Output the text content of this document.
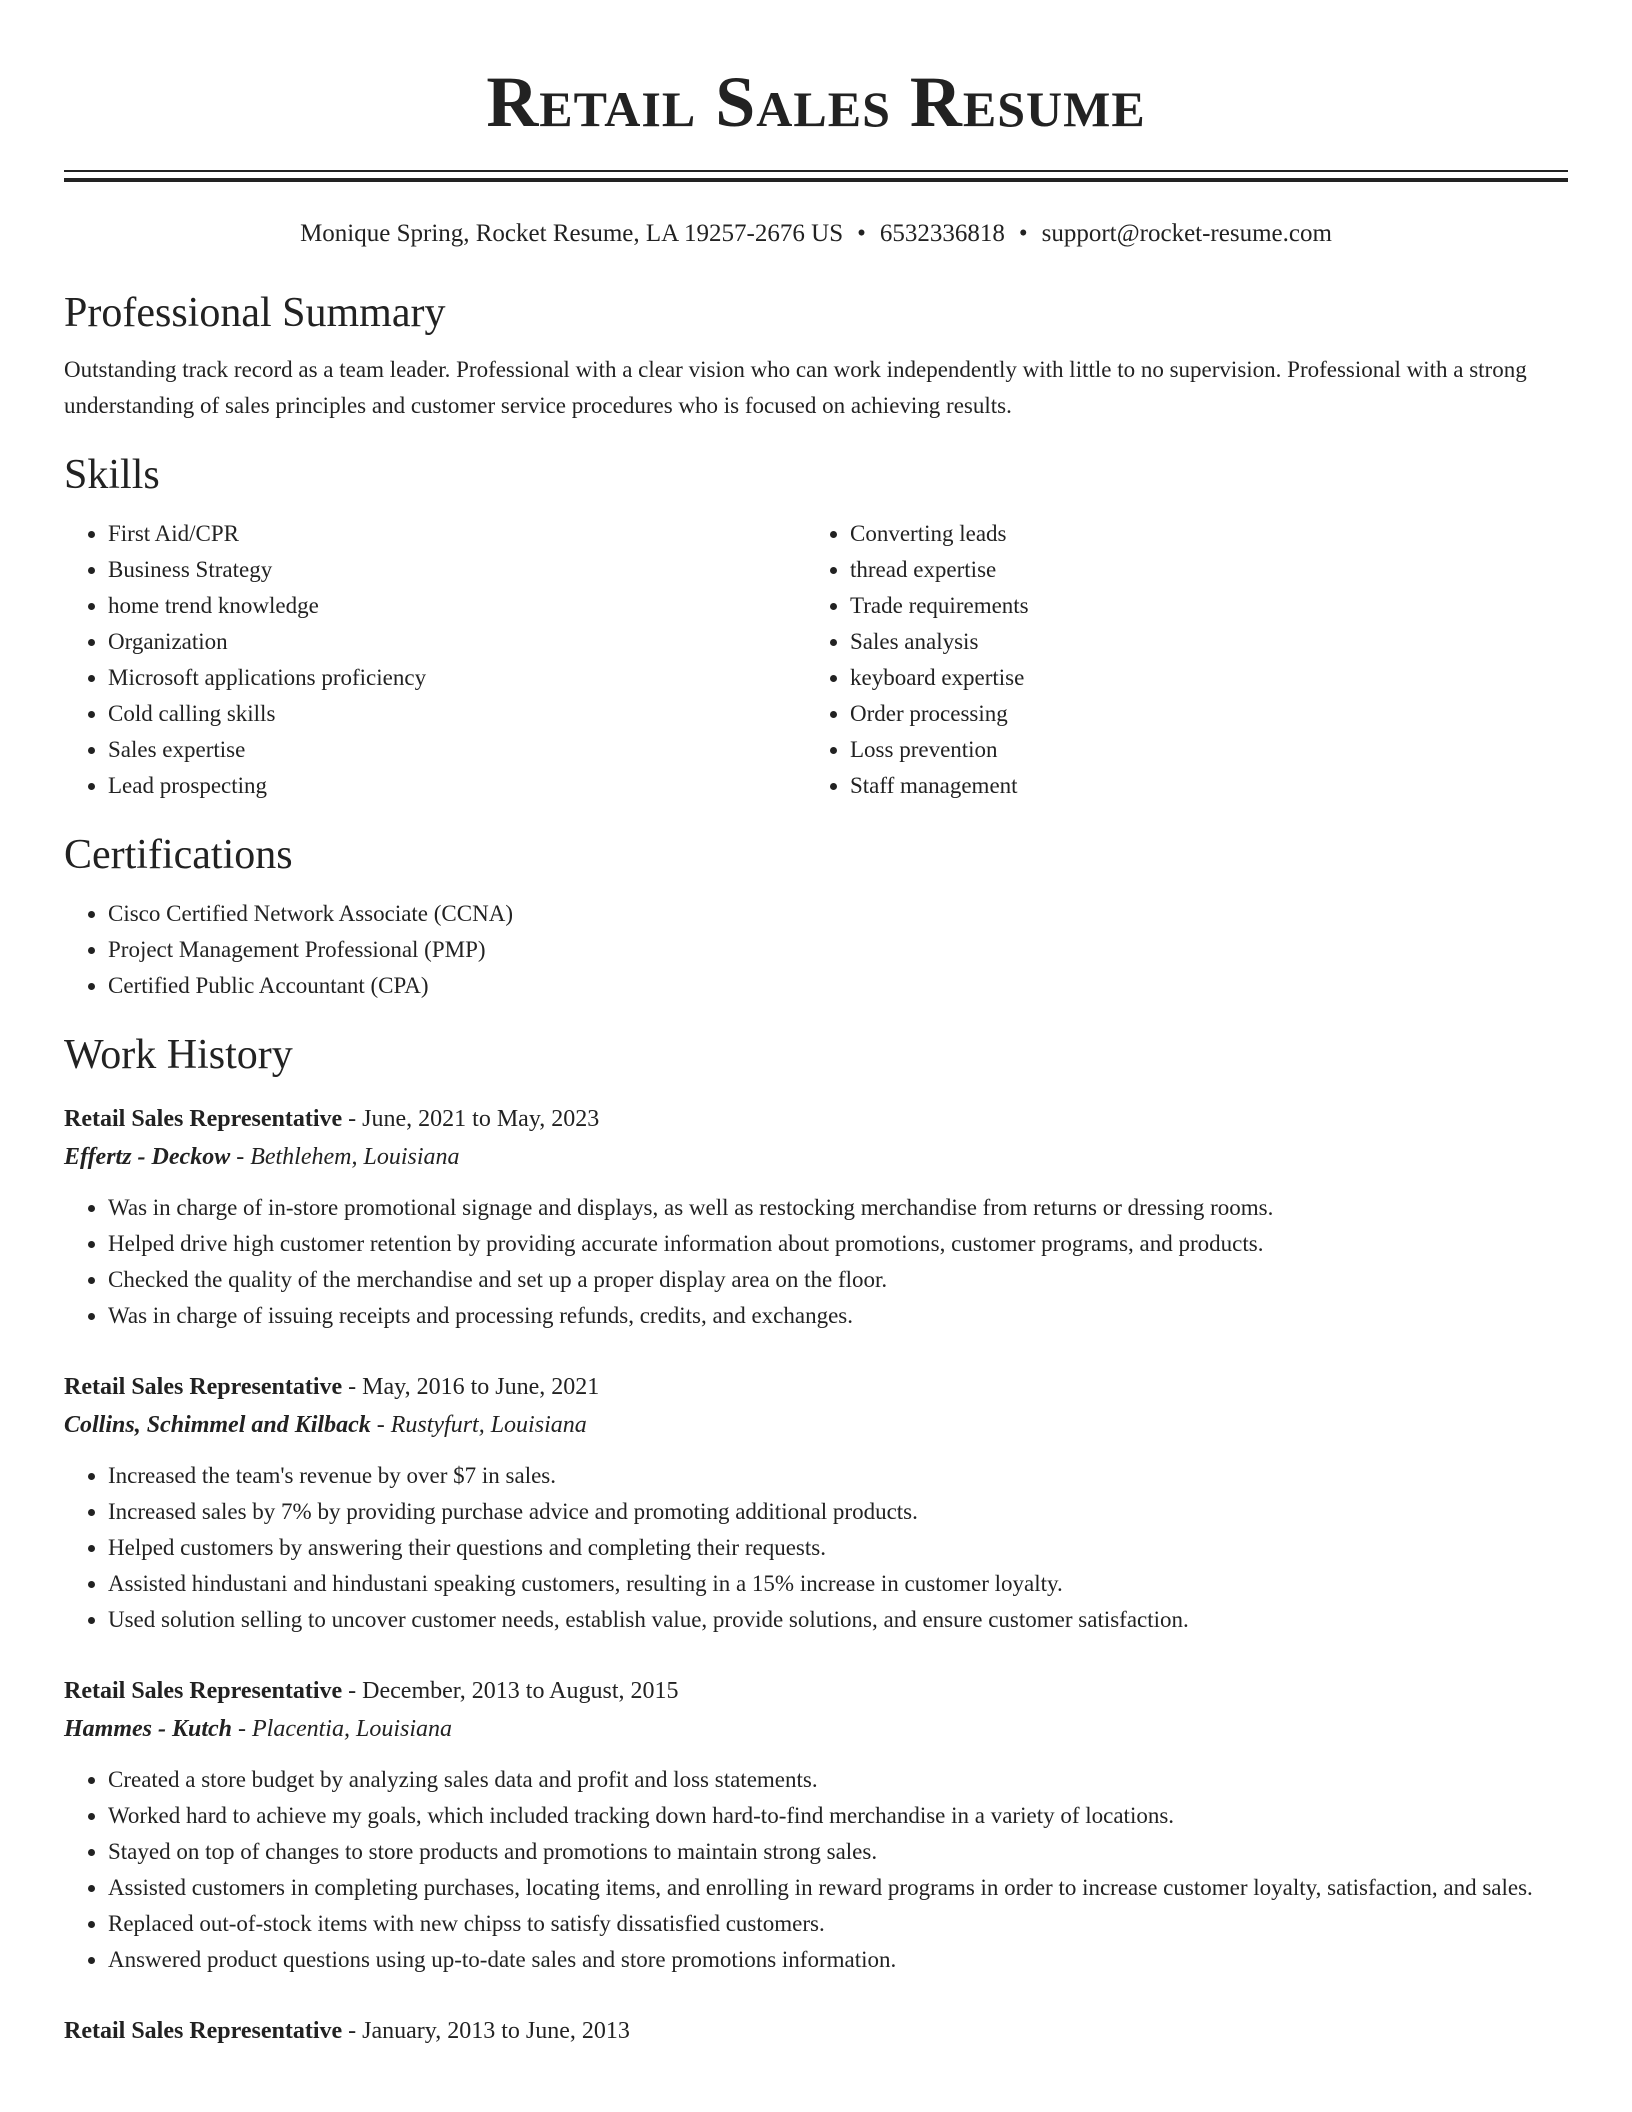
Retail Sales Resume
Monique Spring, Rocket Resume, LA 19257-2676 US • 6532336818 • support@rocket-resume.com
Professional Summary
Outstanding track record as a team leader. Professional with a clear vision who can work independently with little to no supervision. Professional with a strong understanding of sales principles and customer service procedures who is focused on achieving results.
Skills
• First Aid/CPR
• Business Strategy
• home trend knowledge
• Organization
• Microsoft applications proficiency
• Cold calling skills
• Sales expertise
• Lead prospecting
• Converting leads
• thread expertise
• Trade requirements
• Sales analysis
• keyboard expertise
• Order processing
• Loss prevention
• Staff management
Certifications
• Cisco Certified Network Associate (CCNA)
• Project Management Professional (PMP)
• Certified Public Accountant (CPA)
Work History
Retail Sales Representative - June, 2021 to May, 2023
Effertz - Deckow - Bethlehem, Louisiana
• Was in charge of in-store promotional signage and displays, as well as restocking merchandise from returns or dressing rooms.
• Helped drive high customer retention by providing accurate information about promotions, customer programs, and products.
• Checked the quality of the merchandise and set up a proper display area on the floor.
• Was in charge of issuing receipts and processing refunds, credits, and exchanges.
Retail Sales Representative - May, 2016 to June, 2021
Collins, Schimmel and Kilback - Rustyfurt, Louisiana
• Increased the team's revenue by over $7 in sales.
• Increased sales by 7% by providing purchase advice and promoting additional products.
• Helped customers by answering their questions and completing their requests.
• Assisted hindustani and hindustani speaking customers, resulting in a 15% increase in customer loyalty.
• Used solution selling to uncover customer needs, establish value, provide solutions, and ensure customer satisfaction.
Retail Sales Representative - December, 2013 to August, 2015
Hammes - Kutch - Placentia, Louisiana
• Created a store budget by analyzing sales data and profit and loss statements.
• Worked hard to achieve my goals, which included tracking down hard-to-find merchandise in a variety of locations.
• Stayed on top of changes to store products and promotions to maintain strong sales.
• Assisted customers in completing purchases, locating items, and enrolling in reward programs in order to increase customer loyalty, satisfaction, and sales.
• Replaced out-of-stock items with new chipss to satisfy dissatisfied customers.
• Answered product questions using up-to-date sales and store promotions information.
Retail Sales Representative - January, 2013 to June, 2013
